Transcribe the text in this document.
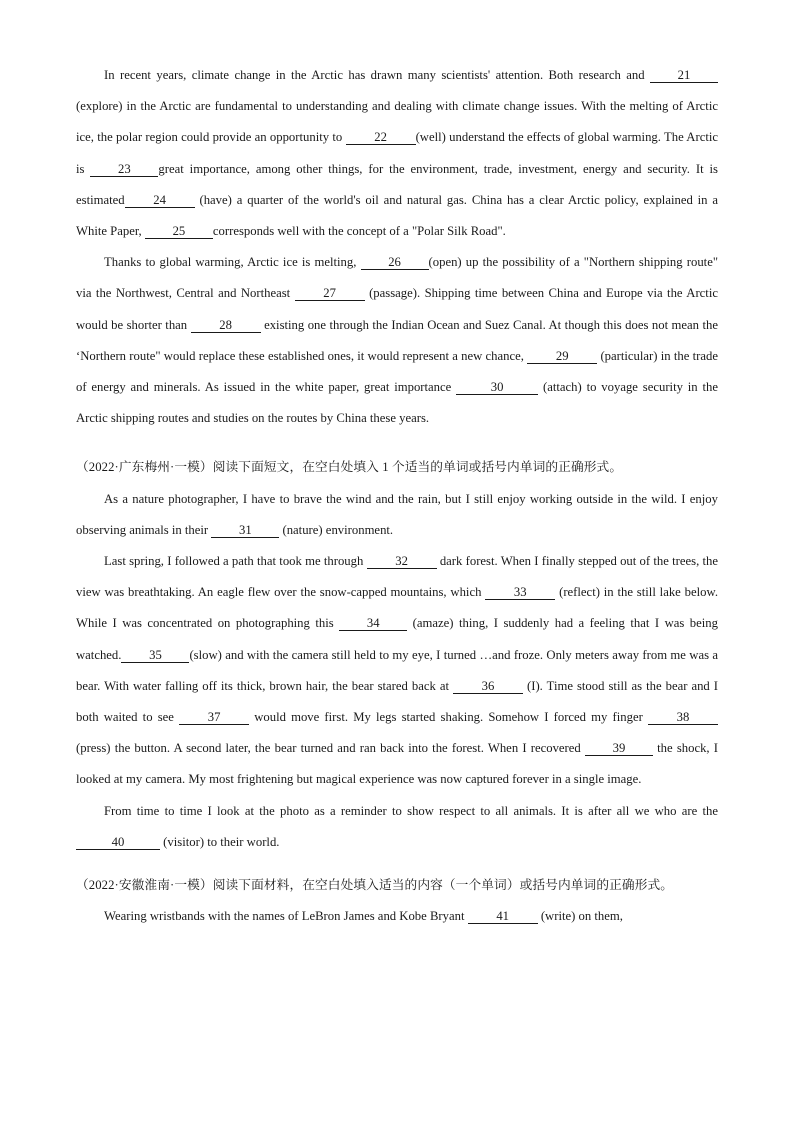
In recent years, climate change in the Arctic has drawn many scientists' attention. Both research and 21(explore) in the Arctic are fundamental to understanding and dealing with climate change issues. With the melting of Arctic ice, the polar region could provide an opportunity to 22 (well) understand the effects of global warming. The Arctic is 23 great importance, among other things, for the environment, trade, investment, energy and security. It is estimated 24 (have) a quarter of the world's oil and natural gas. China has a clear Arctic policy, explained in a White Paper, 25 corresponds well with the concept of a "Polar Silk Road".

Thanks to global warming, Arctic ice is melting, 26 (open) up the possibility of a "Northern shipping route" via the Northwest, Central and Northeast 27 (passage). Shipping time between China and Europe via the Arctic would be shorter than 28 existing one through the Indian Ocean and Suez Canal. At though this does not mean the ‘Northern route" would replace these established ones, it would represent a new chance, 29 (particular) in the trade of energy and minerals. As issued in the white paper, great importance	30	(attach) to voyage security in the Arctic shipping routes and studies on the routes by China these years.

（2022·广东梅州·一模）阅读下面短文，在空白处填入 1 个适当的单词或括号内单词的正确形式。

As a nature photographer, I have to brave the wind and the rain, but I still enjoy working outside in the wild. I enjoy observing animals in their 31 (nature) environment.

Last spring, I followed a path that took me through 32 dark forest. When I finally stepped out of the trees, the view was breathtaking. An eagle flew over the snow-capped mountains, which 33 (reflect) in the still lake below. While I was concentrated on photographing this 34 (amaze) thing, I suddenly had a feeling that I was being watched. 35 (slow) and with the camera still held to my eye, I turned …and froze. Only meters away from me was a bear. With water falling off its thick, brown hair, the bear stared back at 36 (I). Time stood still as the bear and I both waited to see 37 would move first. My legs started shaking. Somehow I forced my finger 38 (press) the button. A second later, the bear turned and ran back into the forest. When I recovered 39 the shock, I looked at my camera. My most frightening but magical experience was now captured forever in a single image.

From time to time I look at the photo as a reminder to show respect to all animals. It is after all we who are the 40	(visitor) to their world.

（2022·安徽淮南·一模）阅读下面材料，在空白处填入适当的内容（一个单词）或括号内单词的正确形式。

Wearing wristbands with the names of LeBron James and Kobe Bryant 41 (write) on them,
